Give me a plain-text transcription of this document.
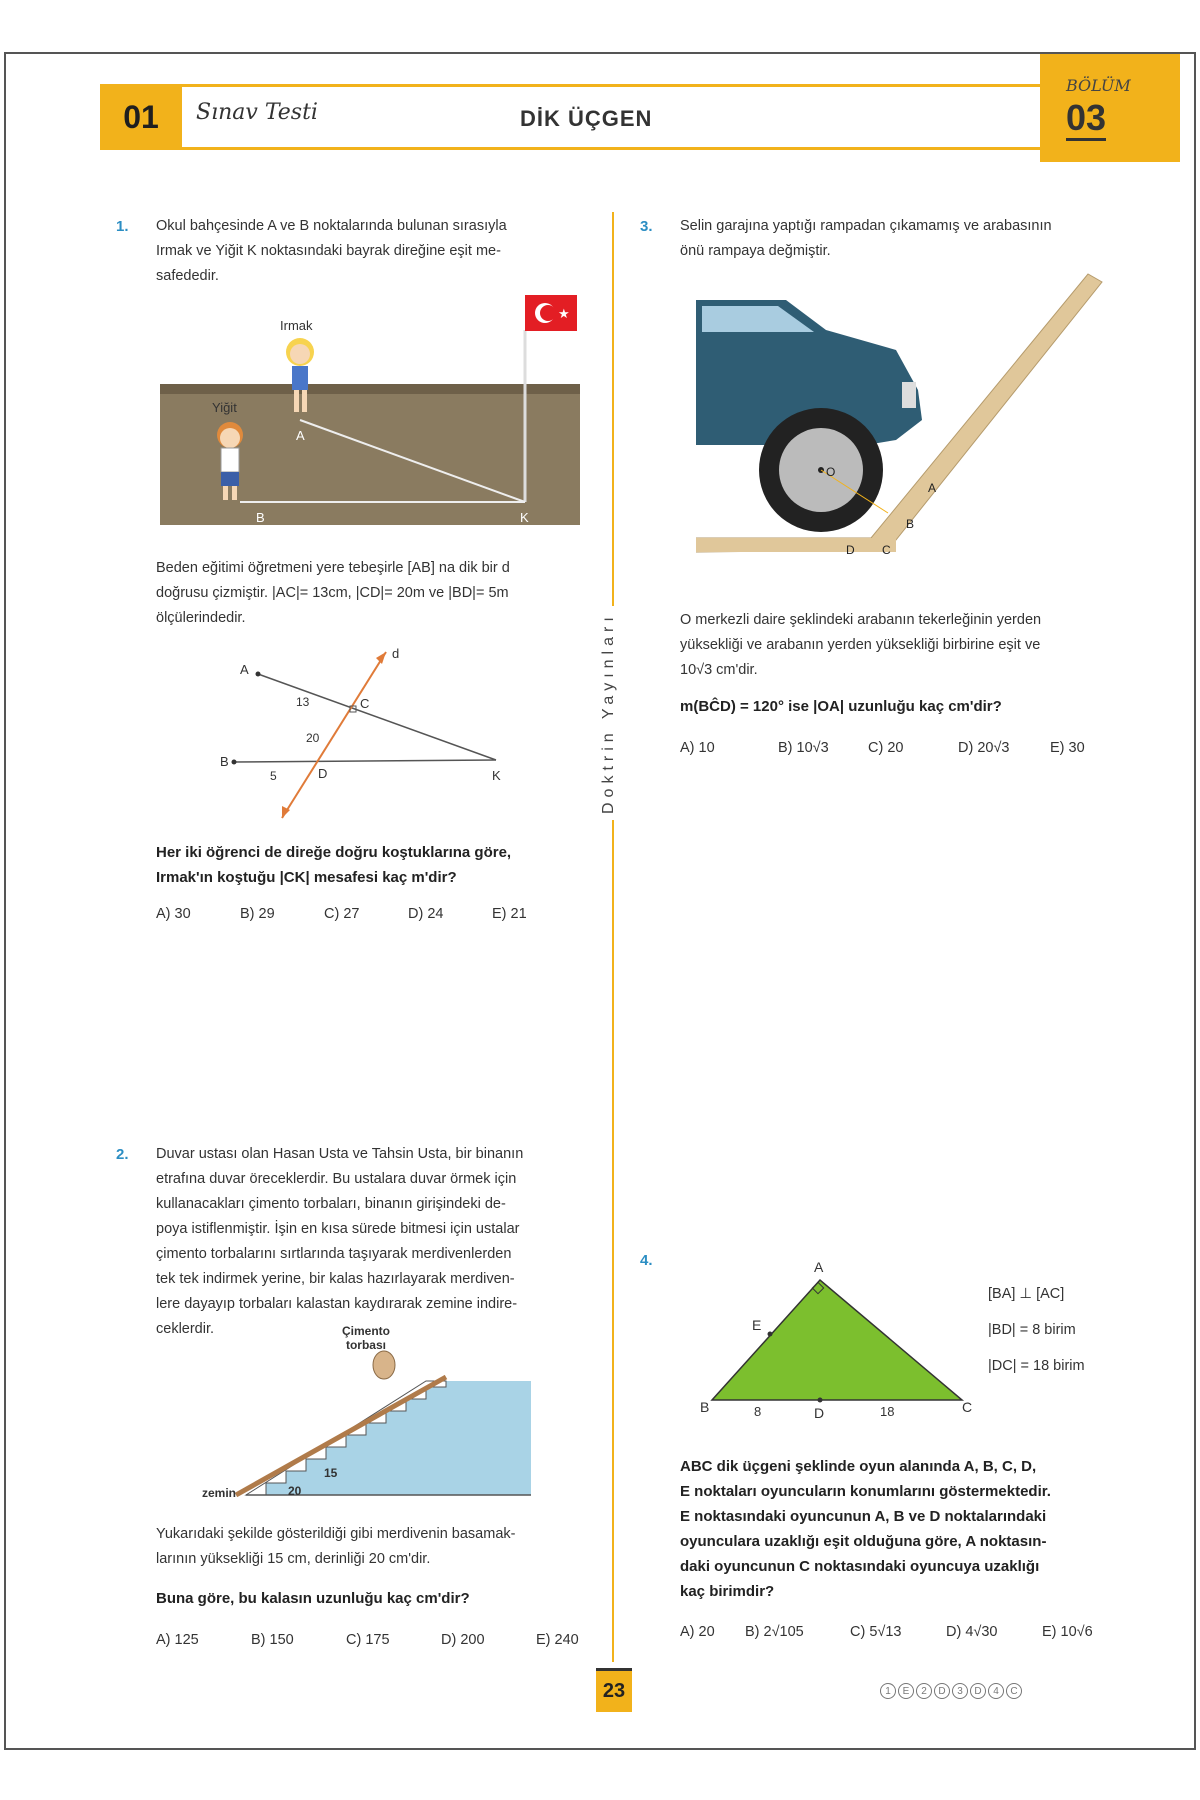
01	Sınav Testi	DİK ÜÇGEN
BÖLÜM
03
Doktrin Yayınları
1. Okul bahçesinde A ve B noktalarında bulunan sırasıyla
Irmak ve Yiğit K noktasındaki bayrak direğine eşit me-
safededir.
★
Irmak
Yiğit
A
B	K
Beden eğitimi öğretmeni yere tebeşirle [AB] na dik bir d
doğrusu çizmiştir. |AC|= 13cm, |CD|= 20m ve |BD|= 5m
ölçülerindedir.
A
B
C
D	K
d
13
20
5
Her iki öğrenci de direğe doğru koştuklarına göre,
Irmak'ın koştuğu |CK| mesafesi kaç m'dir?
A) 30	B) 29	C) 27	D) 24	E) 21
2. Duvar ustası olan Hasan Usta ve Tahsin Usta, bir binanın
etrafına duvar öreceklerdir. Bu ustalara duvar örmek için
kullanacakları çimento torbaları, binanın girişindeki de-
poya istiflenmiştir. İşin en kısa sürede bitmesi için ustalar
çimento torbalarını sırtlarında taşıyarak merdivenlerden
tek tek indirmek yerine, bir kalas hazırlayarak merdiven-
lere dayayıp torbaları kalastan kaydırarak zemine indire-
ceklerdir.
20
15
Çimento
torbası
zemin
Yukarıdaki şekilde gösterildiği gibi merdivenin basamak-
larının yüksekliği 15 cm, derinliği 20 cm'dir.
Buna göre, bu kalasın uzunluğu kaç cm'dir?
A) 125	B) 150	C) 175	D) 200	E) 240
3. Selin garajına yaptığı rampadan çıkamamış ve arabasının
önü rampaya değmiştir.
O
A
B
C
D
O merkezli daire şeklindeki arabanın tekerleğinin yerden
yüksekliği ve arabanın yerden yüksekliği birbirine eşit ve
10√3 cm'dir.
m(BĈD) = 120° ise |OA| uzunluğu kaç cm'dir?
A) 10	B) 10√3	C) 20	D) 20√3	E) 30
4.	A
B	C
D
E
8	18
[BA] ⊥ [AC]
|BD| = 8 birim
|DC| = 18 birim
ABC dik üçgeni şeklinde oyun alanında A, B, C, D,
E noktaları oyuncuların konumlarını göstermektedir.
E noktasındaki oyuncunun A, B ve D noktalarındaki
oyunculara uzaklığı eşit olduğuna göre, A noktasın-
daki oyuncunun C noktasındaki oyuncuya uzaklığı
kaç birimdir?
A) 20	B) 2√105	C) 5√13	D) 4√30	E) 10√6
23	1	E	2	D	3	D	4	C
